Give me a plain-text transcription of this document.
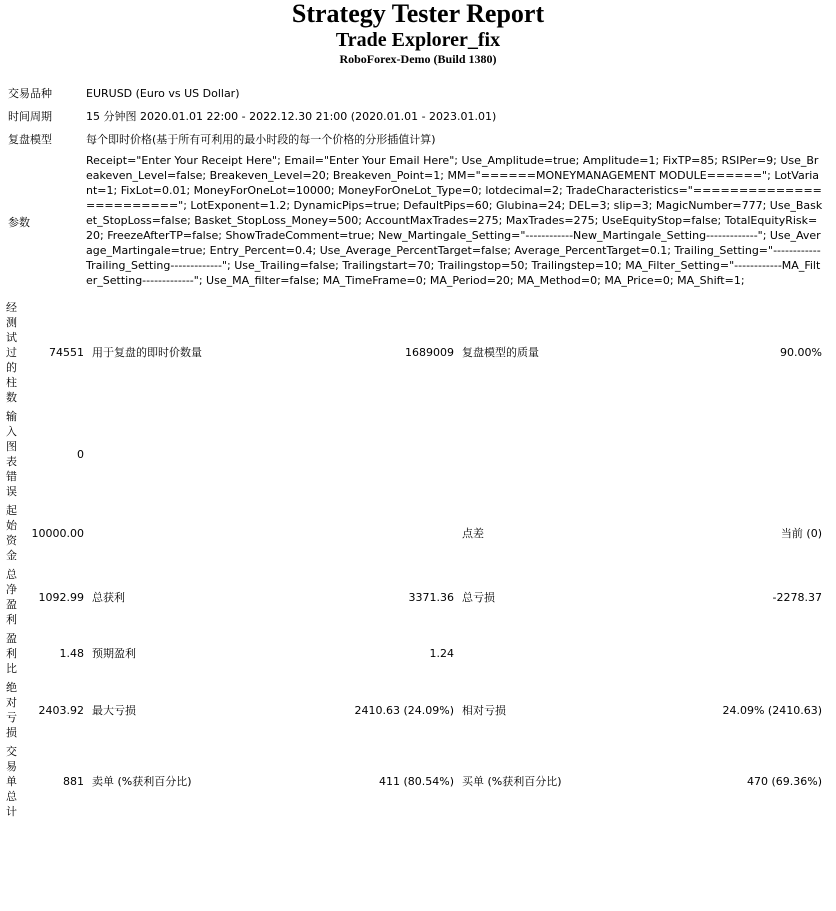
Strategy Tester Report
Trade Explorer_fix
RoboForex-Demo (Build 1380)
交易品种	EURUSD (Euro vs US Dollar)
时间周期	15 分钟图 2020.01.01 22:00 - 2022.12.30 21:00 (2020.01.01 - 2023.01.01)
复盘模型	每个即时价格(基于所有可利用的最小时段的每一个价格的分形插值计算)
参数	Receipt="Enter Your Receipt Here"; Email="Enter Your Email Here"; Use_Amplitude=true; Amplitude=1; FixTP=85; RSIPer=9; Use_Breakeven_Level=false; Breakeven_Level=20; Breakeven_Point=1; MM="======MONEYMANAGEMENT MODULE======"; LotVariant=1; FixLot=0.01; MoneyForOneLot=10000; MoneyForOneLot_Type=0; lotdecimal=2; TradeCharacteristics="========================"; LotExponent=1.2; DynamicPips=true; DefaultPips=60; Glubina=24; DEL=3; slip=3; MagicNumber=777; Use_Basket_StopLoss=false; Basket_StopLoss_Money=500; AccountMaxTrades=275; MaxTrades=275; UseEquityStop=false; TotalEquityRisk=20; FreezeAfterTP=false; ShowTradeComment=true; New_Martingale_Setting="------------New_Martingale_Setting-------------"; Use_Average_Martingale=true; Entry_Percent=0.4; Use_Average_PercentTarget=false; Average_PercentTarget=0.1; Trailing_Setting="------------Trailing_Setting-------------"; Use_Trailing=false; Trailingstart=70; Trailingstop=50; Trailingstep=10; MA_Filter_Setting="------------MA_Filter_Setting-------------"; Use_MA_filter=false; MA_TimeFrame=0; MA_Period=20; MA_Method=0; MA_Price=0; MA_Shift=1;
经测试过的柱数	74551	用于复盘的即时价数量	1689009	复盘模型的质量	90.00%
输入图表错误	0				
起始资金	10000.00			点差	当前 (0)
总净盈利	1092.99	总获利	3371.36	总亏损	-2278.37
盈利比	1.48	预期盈利	1.24		
绝对亏损	2403.92	最大亏损	2410.63 (24.09%)	相对亏损	24.09% (2410.63)
交易单总计	881	卖单 (%获利百分比)	411 (80.54%)	买单 (%获利百分比)	470 (69.36%)
